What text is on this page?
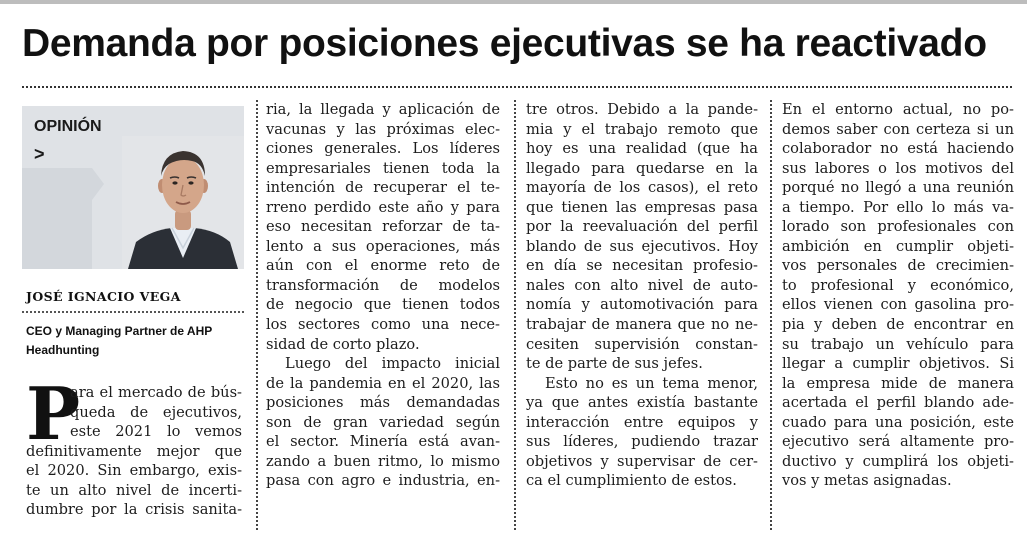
Demanda por posiciones ejecutivas se ha reactivado
OPINIÓN
>
JOSÉ IGNACIO VEGA
CEO y Managing Partner de AHP
Headhunting
P
ara el mercado de bús-
queda de ejecutivos,
este 2021 lo vemos
definitivamente mejor que
el 2020. Sin embargo, exis-
te un alto nivel de incerti-
dumbre por la crisis sanita-
ria, la llegada y aplicación de
vacunas y las próximas elec-
ciones generales. Los líderes
empresariales tienen toda la
intención de recuperar el te-
rreno perdido este año y para
eso necesitan reforzar de ta-
lento a sus operaciones, más
aún con el enorme reto de
transformación de modelos
de negocio que tienen todos
los sectores como una nece-
sidad de corto plazo.
Luego del impacto inicial
de la pandemia en el 2020, las
posiciones más demandadas
son de gran variedad según
el sector. Minería está avan-
zando a buen ritmo, lo mismo
pasa con agro e industria, en-
tre otros. Debido a la pande-
mia y el trabajo remoto que
hoy es una realidad (que ha
llegado para quedarse en la
mayoría de los casos), el reto
que tienen las empresas pasa
por la reevaluación del perfil
blando de sus ejecutivos. Hoy
en día se necesitan profesio-
nales con alto nivel de auto-
nomía y automotivación para
trabajar de manera que no ne-
cesiten supervisión constan-
te de parte de sus jefes.
Esto no es un tema menor,
ya que antes existía bastante
interacción entre equipos y
sus líderes, pudiendo trazar
objetivos y supervisar de cer-
ca el cumplimiento de estos.
En el entorno actual, no po-
demos saber con certeza si un
colaborador no está haciendo
sus labores o los motivos del
porqué no llegó a una reunión
a tiempo. Por ello lo más va-
lorado son profesionales con
ambición en cumplir objeti-
vos personales de crecimien-
to profesional y económico,
ellos vienen con gasolina pro-
pia y deben de encontrar en
su trabajo un vehículo para
llegar a cumplir objetivos. Si
la empresa mide de manera
acertada el perfil blando ade-
cuado para una posición, este
ejecutivo será altamente pro-
ductivo y cumplirá los objeti-
vos y metas asignadas.
